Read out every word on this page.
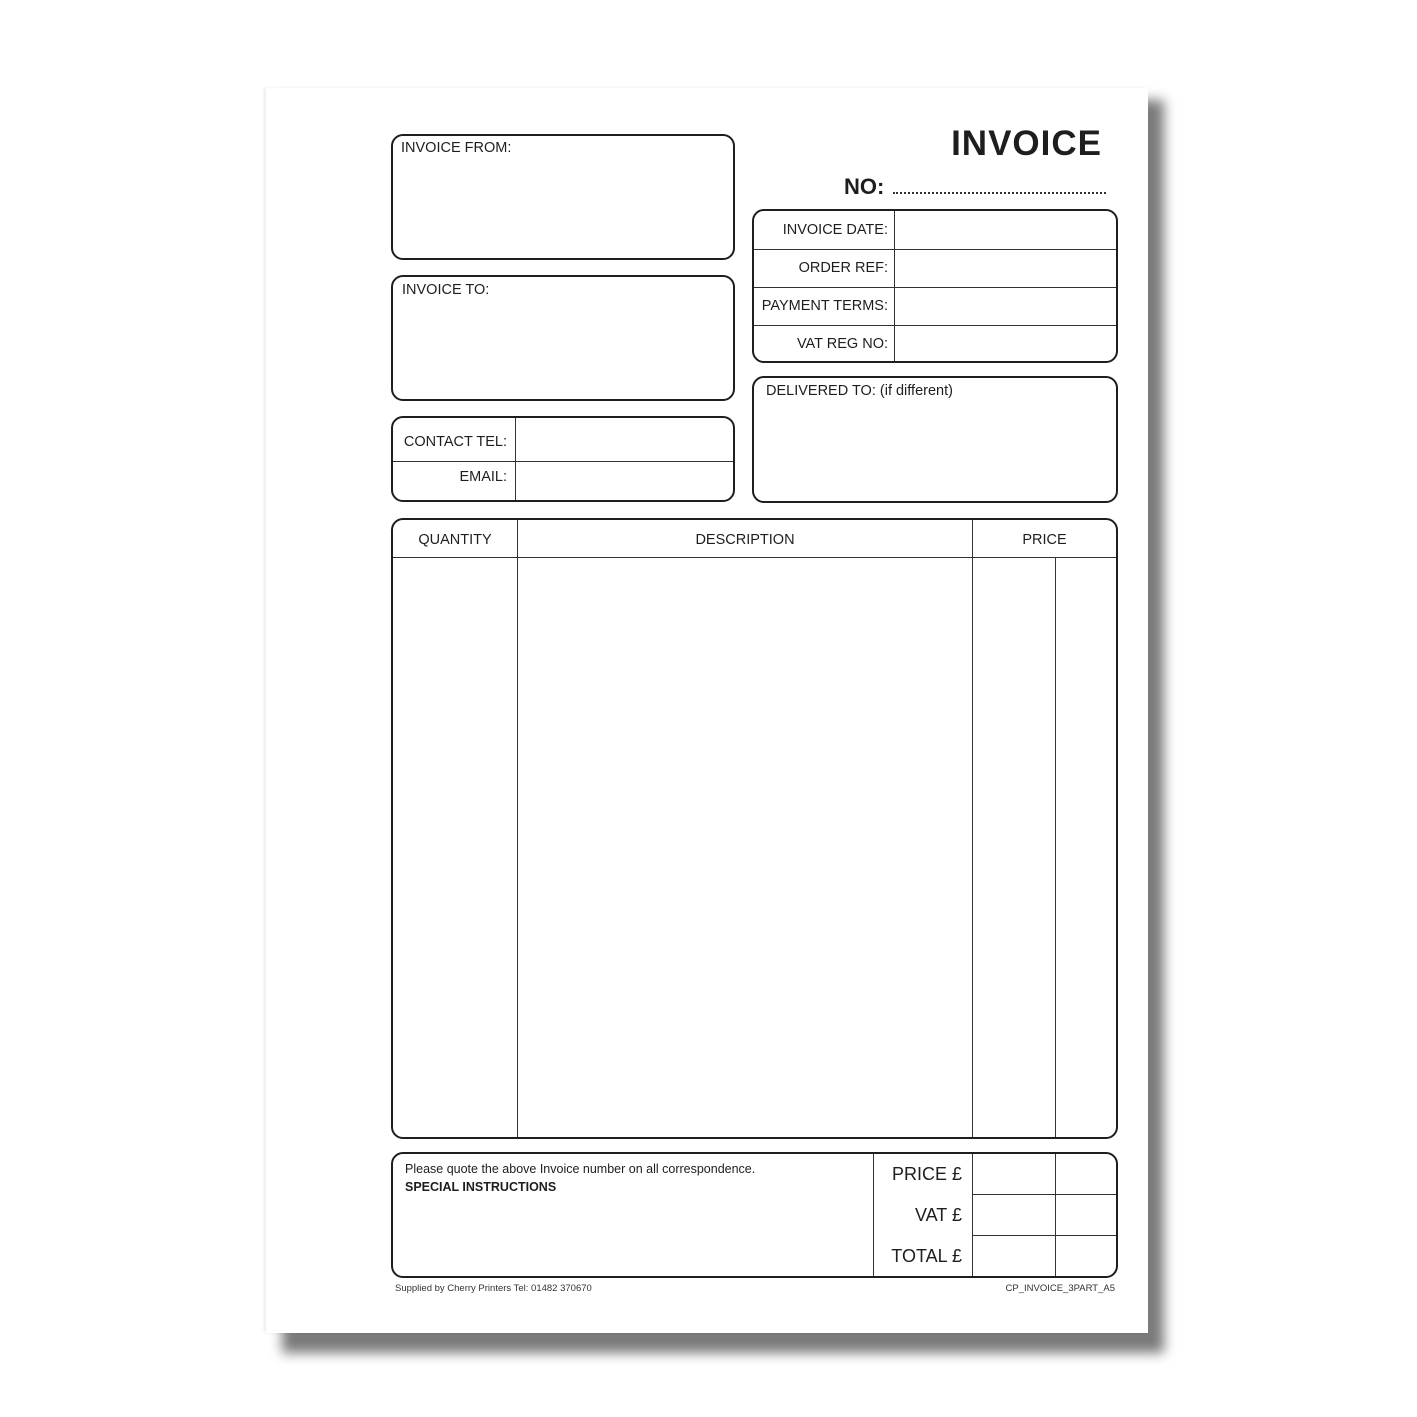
INVOICE
NO:
INVOICE FROM:
INVOICE TO:
CONTACT TEL:
EMAIL:
INVOICE DATE:
ORDER REF:
PAYMENT TERMS:
VAT REG NO:
DELIVERED TO: (if different)
QUANTITY	DESCRIPTION	PRICE
Please quote the above Invoice number on all correspondence.
SPECIAL INSTRUCTIONS
PRICE £
VAT £
TOTAL £
Supplied by Cherry Printers Tel: 01482 370670	CP_INVOICE_3PART_A5
